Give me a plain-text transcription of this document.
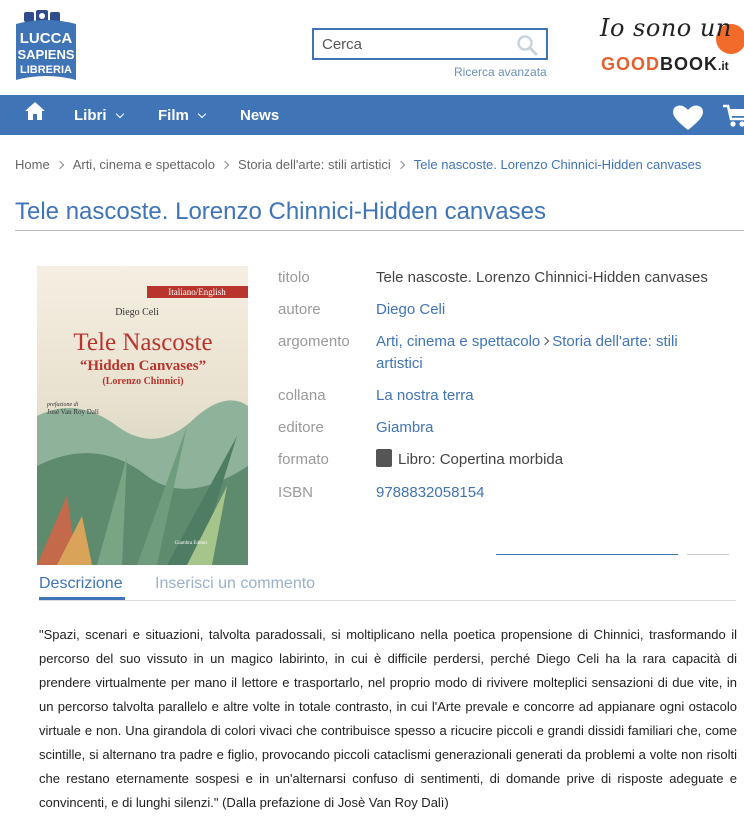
LUCCA
SAPIENS
LIBRERIA
Cerca	Ricerca avanzata
Io sono un
GOODBOOK.it
Libri	Film	News
Home Arti, cinema e spettacolo Storia dell'arte: stili artistici Tele nascoste. Lorenzo Chinnici-Hidden canvases
Tele nascoste. Lorenzo Chinnici-Hidden canvases
Italiano/English
Diego Celi
Tele Nascoste
“Hidden Canvases”
(Lorenzo Chinnici)
prefazione di
José Van Roy Dalì
Giambra Editori
titolo	Tele nascoste. Lorenzo Chinnici-Hidden canvases
autore	Diego Celi
argomento Arti, cinema e spettacolo Storia dell'arte: stili artistici
collana	La nostra terra
editore	Giambra
formato	Libro: Copertina morbida
ISBN	9788832058154
Descrizione Inserisci un commento

"Spazi, scenari e situazioni, talvolta paradossali, si moltiplicano nella poetica propensione di Chinnici, trasformando il percorso del suo vissuto in un magico labirinto, in cui è difficile perdersi, perché Diego Celi ha la rara capacità di prendere virtualmente per mano il lettore e trasportarlo, nel proprio modo di rivivere molteplici sensazioni di due vite, in un percorso talvolta parallelo e altre volte in totale contrasto, in cui l'Arte prevale e concorre ad appianare ogni ostacolo virtuale e non. Una girandola di colori vivaci che contribuisce spesso a ricucire piccoli e grandi dissidi familiari che, come scintille, si alternano tra padre e figlio, provocando piccoli cataclismi generazionali generati da problemi a volte non risolti che restano eternamente sospesi e in un'alternarsi confuso di sentimenti, di domande prive di risposte adeguate e convincenti, e di lunghi silenzi." (Dalla prefazione di Josè Van Roy Dalì)
